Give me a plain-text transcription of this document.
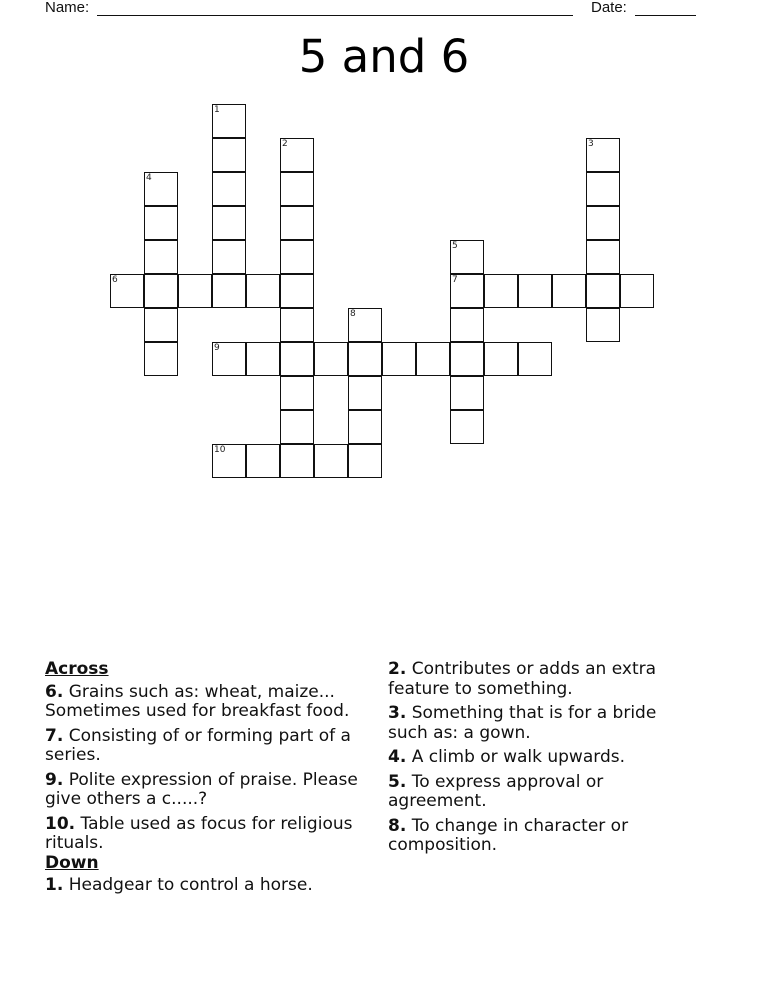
Name:	Date:
5 and 6
1
2	3
4
5
7
6
8
9
10
Across
6. Grains such as: wheat, maize... Sometimes used for breakfast food.
7. Consisting of or forming part of a series.
9. Polite expression of praise. Please give others a c.....?
10. Table used as focus for religious rituals.
Down
1. Headgear to control a horse.
2. Contributes or adds an extra feature to something.
3. Something that is for a bride such as: a gown.
4. A climb or walk upwards.
5. To express approval or agreement.
8. To change in character or composition.
